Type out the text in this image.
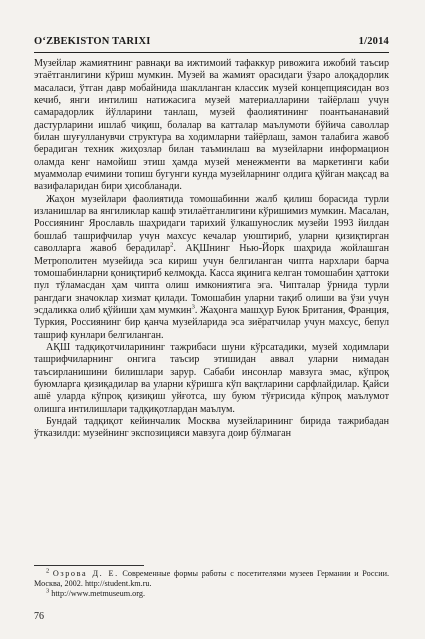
O‘ZBEKISTON TARIXI	1/2014

Музейлар жамиятнинг равнақи ва ижтимоий тафаккур ривожига ижобий таъсир этаётганлигини кўриш мумкин. Музей ва жамият орасидаги ўзаро алоқадорлик масаласи, ўтган давр мобайнида шаклланган классик музей концепциясидан воз кечиб, янги интилиш натижасига музей материалларини тайёрлаш учун самарадорлик йўлларини танлаш, музей фаолиятининг поантьананавий дастурларини ишлаб чиқиш, болалар ва катталар маълумоти бўйича саволлар билан шуғулланувчи структура ва ходимларни тайёрлаш, замон талабига жавоб берадиган техник жиҳозлар билан таъминлаш ва музейларни информацион оламда кенг намойиш этиш ҳамда музей менежменти ва маркетинги каби муаммолар ечимини топиш бугунги кунда музейларнинг олдига қўйган мақсад ва вазифаларидан бири ҳисобланади.

Жаҳон музейлари фаолиятида томошабинни жалб қилиш борасида турли изланишлар ва янгиликлар кашф этилаётганлигини кўришимиз мумкин. Масалан, Россиянинг Ярославль шаҳридаги тарихий ўлкашунослик музейи 1993 йилдан бошлаб ташрифчилар учун махсус кечалар уюштириб, уларни қизиқтирган саволларга жавоб берадилар$^2$. АҚШнинг Нью-Йорк шаҳрида жойлашган Метрополитен музейида эса кириш учун белгиланган чипта нархлари барча томошабинларни қониқтириб келмоқда. Касса яқинига келган томошабин ҳаттоки пул тўламасдан ҳам чипта олиш имкониятига эга. Чипталар ўрнида турли рангдаги значоклар хизмат қилади. Томошабин уларни тақиб олиши ва ўзи учун эсдаликка олиб қўйиши ҳам мумкин$^3$. Жаҳонга машҳур Буюк Британия, Франция, Туркия, Россиянинг бир қанча музейларида эса зиёратчилар учун махсус, бепул ташриф кунлари белгиланган.

АҚШ тадқиқотчиларининг тажрибаси шуни кўрсатадики, музей ходимлари ташрифчиларнинг онгига таъсир этишидан аввал уларни нимадан таъсирланишини билишлари зарур. Сабаби инсонлар мавзуга эмас, кўпроқ буюмларга қизиқадилар ва уларни кўришга кўп вақтларини сарфлайдилар. Қайси ашё уларда кўпроқ қизиқиш уйғотса, шу буюм тўғрисида кўпроқ маълумот олишга интилишлари тадқиқотлардан маълум.

Бундай тадқиқот кейинчалик Москва музейларининг бирида тажрибадан ўтказилди: музейнинг экспозицияси мавзуга доир бўлмаган

$^2$ Озрова Д. Е. Современные формы работы с посетителями музеев Германии и России. Москва, 2002. http://student.km.ru.

$^3$ http://www.metmuseum.org.

76
